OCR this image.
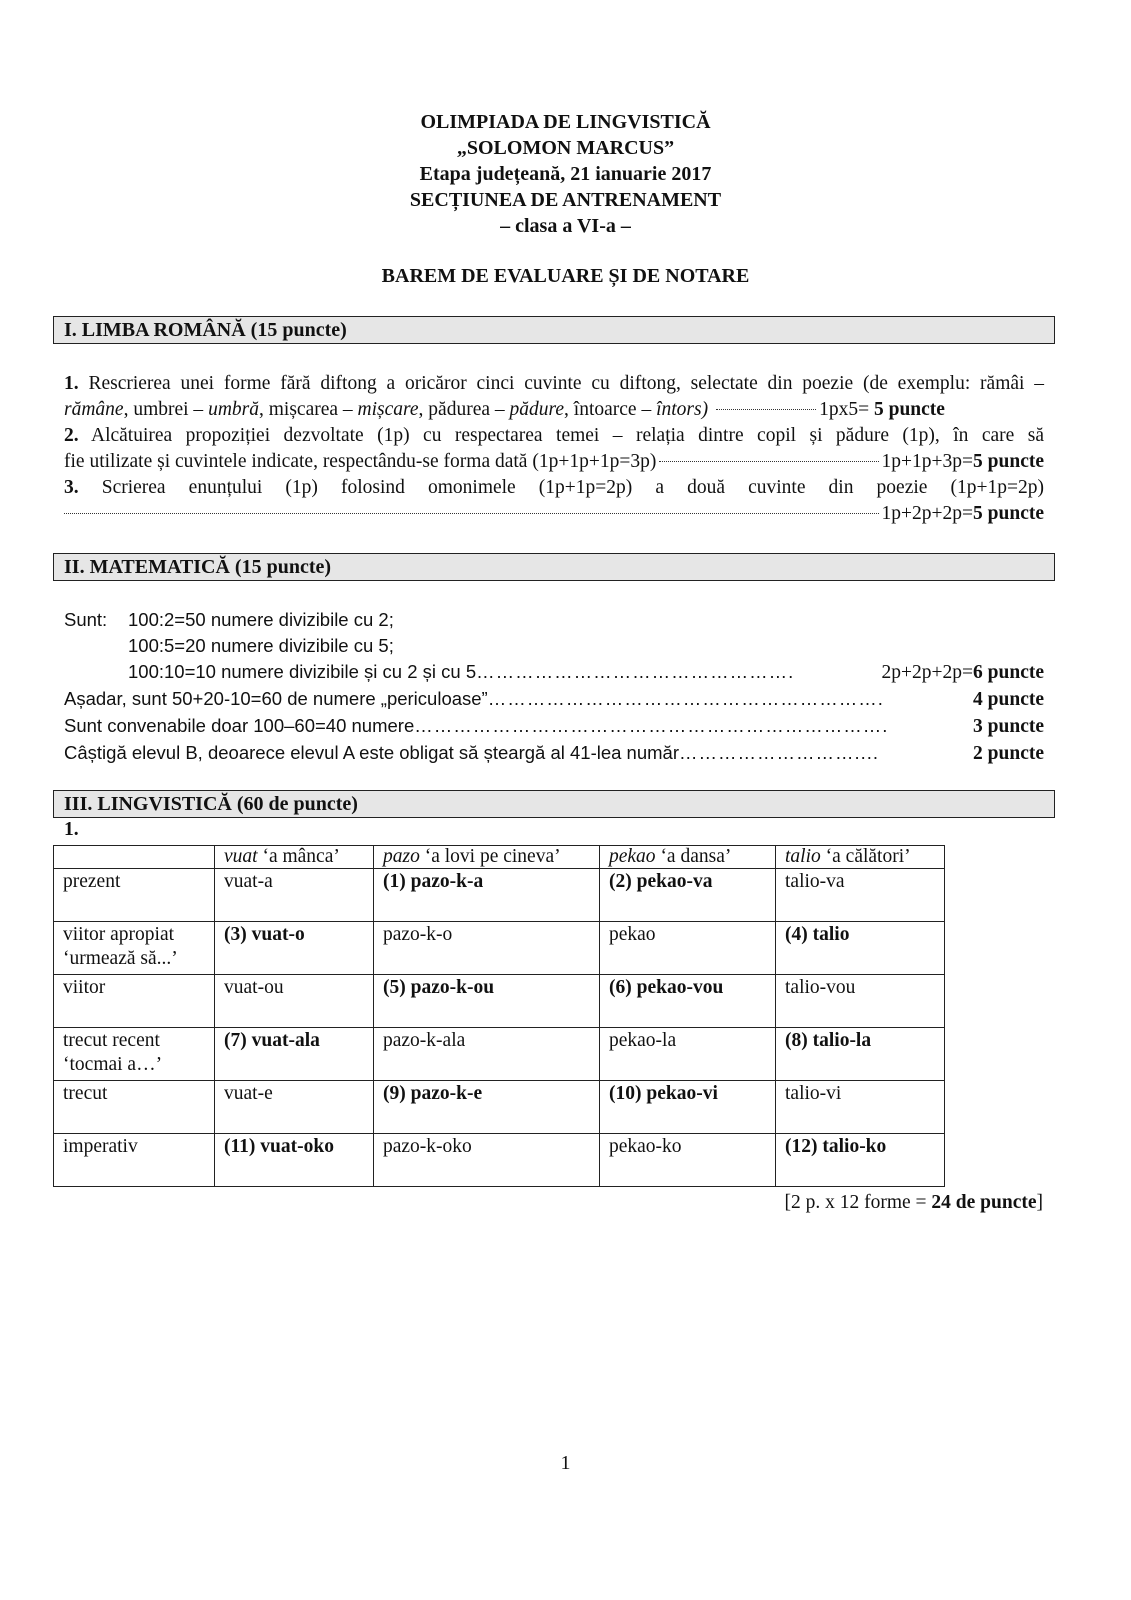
OLIMPIADA DE LINGVISTICĂ
„SOLOMON MARCUS”
Etapa județeană, 21 ianuarie 2017
SECȚIUNEA DE ANTRENAMENT
– clasa a VI-a –
BAREM DE EVALUARE ȘI DE NOTARE
I. LIMBA ROMÂNĂ (15 puncte)
1. Rescrierea unei forme fără diftong a oricăror cinci cuvinte cu diftong, selectate din poezie (de exemplu: rămâi –
rămâne , umbrei –
umbră , mișcarea –
mișcare , pădurea –
pădure , întoarce –
întors)	1px5=
5 puncte
2. Alcătuirea propoziției dezvoltate (1p) cu respectarea temei – relația dintre copil și pădure (1p), în care să
fie utilizate și cuvintele indicate, respectându-se forma dată (1p+1p+1p=3p)	1p+1p+3p= 5 puncte
3. Scrierea enunțului (1p) folosind omonimele (1p+1p=2p) a două cuvinte din poezie (1p+1p=2p)
1p+2p+2p= 5 puncte
II. MATEMATICĂ (15 puncte)
Sunt:	100:2=50 numere divizibile cu 2;
100:5=20 numere divizibile cu 5;
100:10=10 numere divizibile și cu 2 și cu 5 ………………………………………….	2p+2p+2p= 6 puncte
Așadar, sunt 50+20-10=60 de numere „periculoase” …………………………………………………….	4 puncte
Sunt convenabile doar 100–60=40 numere ……………………………………………………………….	3 puncte
Câștigă elevul B, deoarece elevul A este obligat să șteargă al 41-lea număr ………………………....	2 puncte
III. LINGVISTICĂ (60 de puncte)
1.
	vuat ‘a mânca’	pazo ‘a lovi pe cineva’	pekao ‘a dansa’	talio ‘a călători’

prezent	vuat-a	(1) pazo-k-a	(2) pekao-va	talio-va

viitor apropiat
‘urmează să...’	(3) vuat-o	pazo-k-o	pekao	(4) talio

viitor	vuat-ou	(5) pazo-k-ou	(6) pekao-vou	talio-vou

trecut recent
‘tocmai a…’	(7) vuat-ala	pazo-k-ala	pekao-la	(8) talio-la

trecut	vuat-e	(9) pazo-k-e	(10) pekao-vi	talio-vi

imperativ	(11) vuat-oko	pazo-k-oko	pekao-ko	(12) talio-ko
[2 p. x 12 forme = 24 de puncte]
1
